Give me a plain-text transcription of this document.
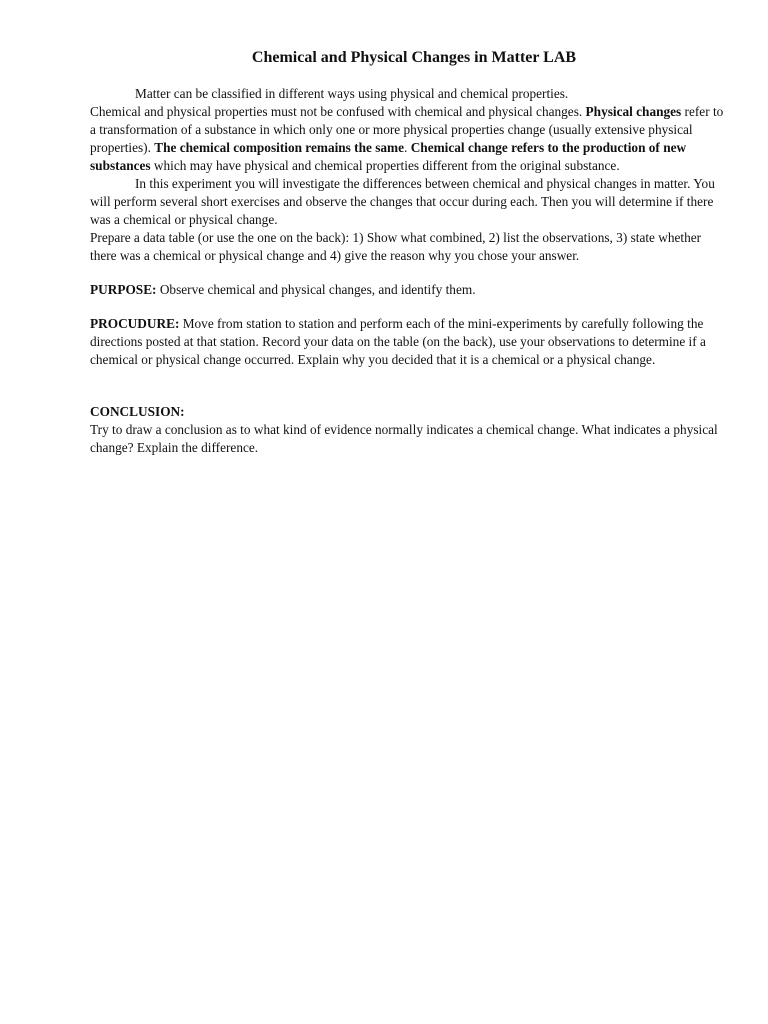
Chemical and Physical Changes in Matter LAB

Matter can be classified in different ways using physical and chemical properties.

Chemical and physical properties must not be confused with chemical and physical changes. Physical changes refer to a transformation of a substance in which only one or more physical properties change (usually extensive physical properties). The chemical composition remains the same. Chemical change refers to the production of new substances which may have physical and chemical properties different from the original substance.

In this experiment you will investigate the differences between chemical and physical changes in matter. You will perform several short exercises and observe the changes that occur during each. Then you will determine if there was a chemical or physical change.

Prepare a data table (or use the one on the back): 1) Show what combined, 2) list the observations, 3) state whether there was a chemical or physical change and 4) give the reason why you chose your answer.

PURPOSE: Observe chemical and physical changes, and identify them.

PROCUDURE: Move from station to station and perform each of the mini-experiments by carefully following the directions posted at that station. Record your data on the table (on the back), use your observations to determine if a chemical or physical change occurred. Explain why you decided that it is a chemical or a physical change.

CONCLUSION:

Try to draw a conclusion as to what kind of evidence normally indicates a chemical change. What indicates a physical change? Explain the difference.
